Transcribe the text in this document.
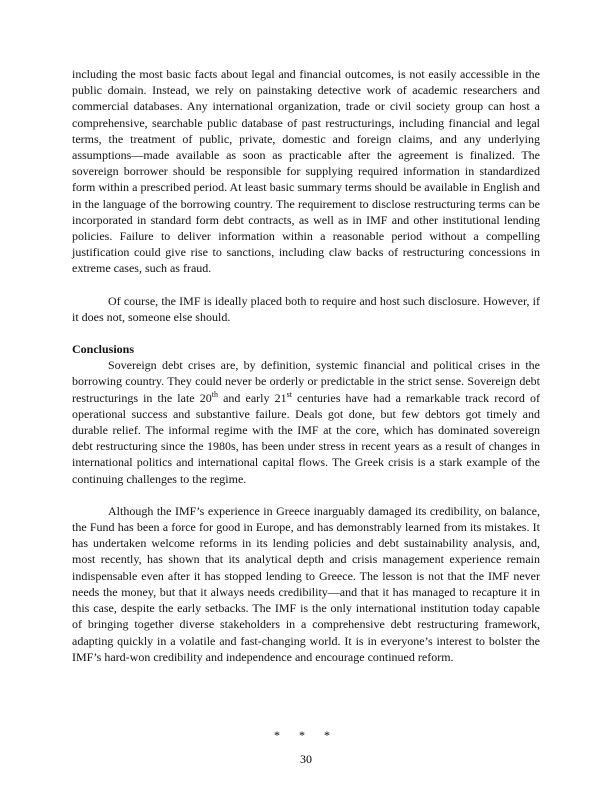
including the most basic facts about legal and financial outcomes, is not easily accessible in the public domain. Instead, we rely on painstaking detective work of academic researchers and commercial databases. Any international organization, trade or civil society group can host a comprehensive, searchable public database of past restructurings, including financial and legal terms, the treatment of public, private, domestic and foreign claims, and any underlying assumptions—made available as soon as practicable after the agreement is finalized. The sovereign borrower should be responsible for supplying required information in standardized form within a prescribed period. At least basic summary terms should be available in English and in the language of the borrowing country. The requirement to disclose restructuring terms can be incorporated in standard form debt contracts, as well as in IMF and other institutional lending policies. Failure to deliver information within a reasonable period without a compelling justification could give rise to sanctions, including claw backs of restructuring concessions in extreme cases, such as fraud.

Of course, the IMF is ideally placed both to require and host such disclosure. However, if it does not, someone else should.

Conclusions

Sovereign debt crises are, by definition, systemic financial and political crises in the borrowing country. They could never be orderly or predictable in the strict sense. Sovereign debt restructurings in the late 20th and early 21st centuries have had a remarkable track record of operational success and substantive failure. Deals got done, but few debtors got timely and durable relief. The informal regime with the IMF at the core, which has dominated sovereign debt restructuring since the 1980s, has been under stress in recent years as a result of changes in international politics and international capital flows. The Greek crisis is a stark example of the continuing challenges to the regime.

Although the IMF’s experience in Greece inarguably damaged its credibility, on balance, the Fund has been a force for good in Europe, and has demonstrably learned from its mistakes. It has undertaken welcome reforms in its lending policies and debt sustainability analysis, and, most recently, has shown that its analytical depth and crisis management experience remain indispensable even after it has stopped lending to Greece. The lesson is not that the IMF never needs the money, but that it always needs credibility—and that it has managed to recapture it in this case, despite the early setbacks. The IMF is the only international institution today capable of bringing together diverse stakeholders in a comprehensive debt restructuring framework, adapting quickly in a volatile and fast-changing world. It is in everyone’s interest to bolster the IMF’s hard-won credibility and independence and encourage continued reform.

* * *
30
